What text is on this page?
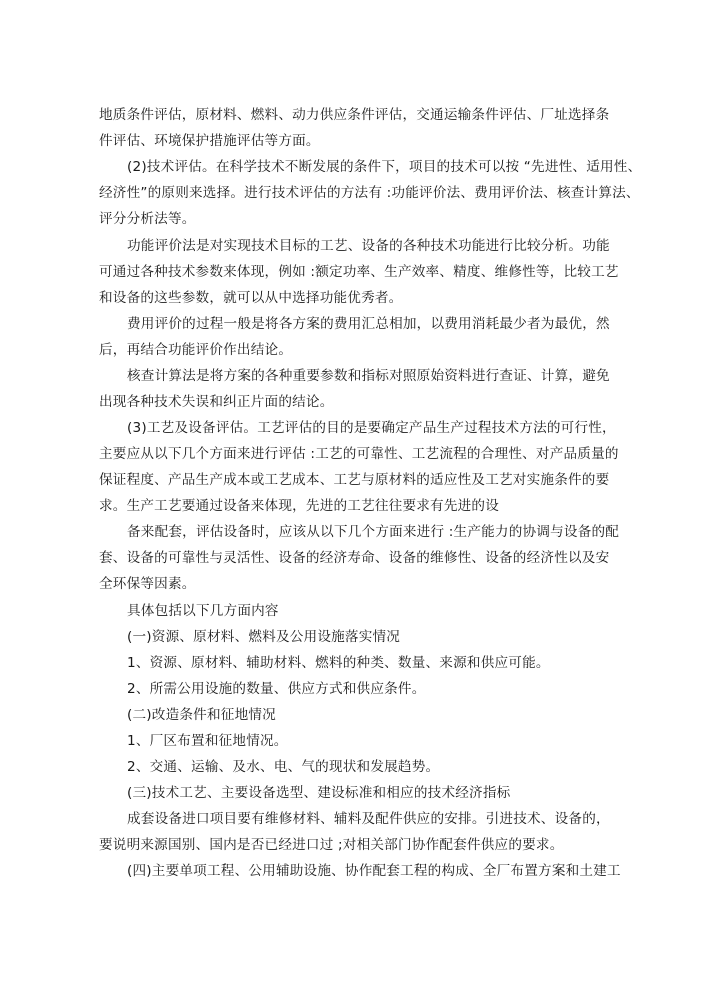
地质条件评估，原材料、燃料、动力供应条件评估，交通运输条件评估、厂址选择条
件评估、环境保护措施评估等方面。
(2)技术评估。在科学技术不断发展的条件下，项目的技术可以按 “先进性、适用性、
经济性”的原则来选择。进行技术评估的方法有 :功能评价法、费用评价法、核查计算法、
评分分析法等。
功能评价法是对实现技术目标的工艺、设备的各种技术功能进行比较分析。功能
可通过各种技术参数来体现，例如 :额定功率、生产效率、精度、维修性等，比较工艺
和设备的这些参数，就可以从中选择功能优秀者。
费用评价的过程一般是将各方案的费用汇总相加，以费用消耗最少者为最优，然
后，再结合功能评价作出结论。
核查计算法是将方案的各种重要参数和指标对照原始资料进行查证、计算，避免
出现各种技术失误和纠正片面的结论。
(3)工艺及设备评估。工艺评估的目的是要确定产品生产过程技术方法的可行性，
主要应从以下几个方面来进行评估 :工艺的可靠性、工艺流程的合理性、对产品质量的
保证程度、产品生产成本或工艺成本、工艺与原材料的适应性及工艺对实施条件的要
求。生产工艺要通过设备来体现，先进的工艺往往要求有先进的设
备来配套，评估设备时，应该从以下几个方面来进行 :生产能力的协调与设备的配
套、设备的可靠性与灵活性、设备的经济寿命、设备的维修性、设备的经济性以及安
全环保等因素。
具体包括以下几方面内容
(一)资源、原材料、燃料及公用设施落实情况
1、资源、原材料、辅助材料、燃料的种类、数量、来源和供应可能。
2、所需公用设施的数量、供应方式和供应条件。
(二)改造条件和征地情况
1、厂区布置和征地情况。
2、交通、运输、及水、电、气的现状和发展趋势。
(三)技术工艺、主要设备选型、建设标准和相应的技术经济指标
成套设备进口项目要有维修材料、辅料及配件供应的安排。引进技术、设备的，
要说明来源国别、国内是否已经进口过 ;对相关部门协作配套件供应的要求。
(四)主要单项工程、公用辅助设施、协作配套工程的构成、全厂布置方案和土建工
